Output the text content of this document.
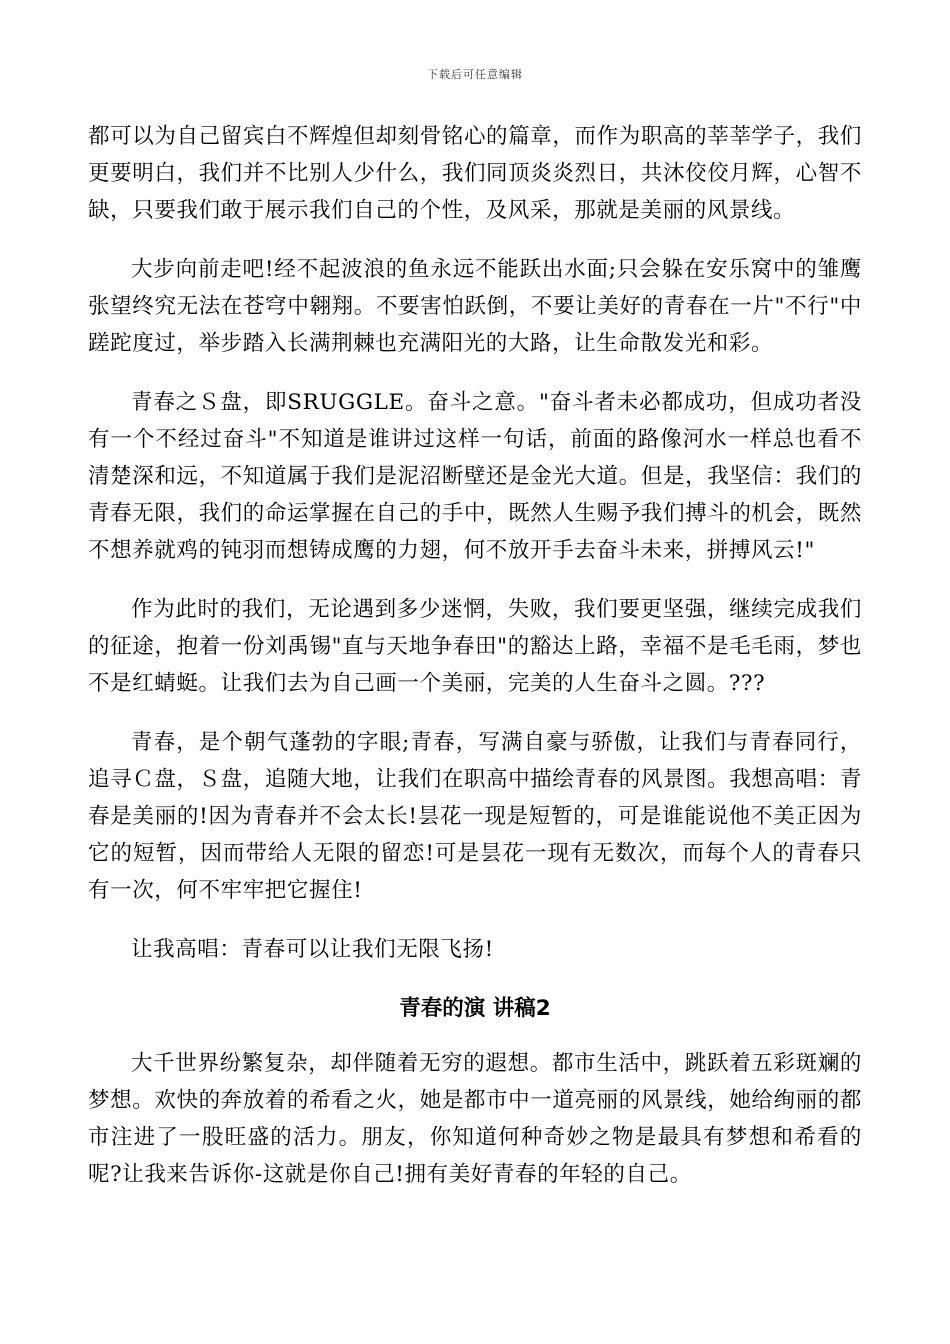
下载后可任意编辑

都可以为自己留宾白不辉煌但却刻骨铭心的篇章，而作为职高的莘莘学子，我们更要明白，我们并不比别人少什么，我们同顶炎炎烈日，共沐佼佼月辉，心智不缺，只要我们敢于展示我们自己的个性，及风采，那就是美丽的风景线。

大步向前走吧!经不起波浪的鱼永远不能跃出水面;只会躲在安乐窝中的雏鹰张望终究无法在苍穹中翱翔。不要害怕跃倒，不要让美好的青春在一片"不行"中蹉跎度过，举步踏入长满荆棘也充满阳光的大路，让生命散发光和彩。

青春之Ｓ盘，即SRUGGLE。奋斗之意。"奋斗者未必都成功，但成功者没有一个不经过奋斗"不知道是谁讲过这样一句话，前面的路像河水一样总也看不清楚深和远，不知道属于我们是泥沼断壁还是金光大道。但是，我坚信：我们的青春无限，我们的命运掌握在自己的手中，既然人生赐予我们搏斗的机会，既然不想养就鸡的钝羽而想铸成鹰的力翅，何不放开手去奋斗未来，拼搏风云!"

作为此时的我们，无论遇到多少迷惘，失败，我们要更坚强，继续完成我们的征途，抱着一份刘禹锡"直与天地争春田"的豁达上路，幸福不是毛毛雨，梦也不是红蜻蜓。让我们去为自己画一个美丽，完美的人生奋斗之圆。???

青春，是个朝气蓬勃的字眼;青春，写满自豪与骄傲，让我们与青春同行，追寻Ｃ盘，Ｓ盘，追随大地，让我们在职高中描绘青春的风景图。我想高唱：青春是美丽的!因为青春并不会太长!昙花一现是短暂的，可是谁能说他不美正因为它的短暂，因而带给人无限的留恋!可是昙花一现有无数次，而每个人的青春只有一次，何不牢牢把它握住!

让我高唱：青春可以让我们无限飞扬!

青春的演 讲稿2

大千世界纷繁复杂，却伴随着无穷的遐想。都市生活中，跳跃着五彩斑斓的梦想。欢快的奔放着的希看之火，她是都市中一道亮丽的风景线，她给绚丽的都市注进了一股旺盛的活力。朋友，你知道何种奇妙之物是最具有梦想和希看的呢?让我来告诉你-这就是你自己!拥有美好青春的年轻的自己。
